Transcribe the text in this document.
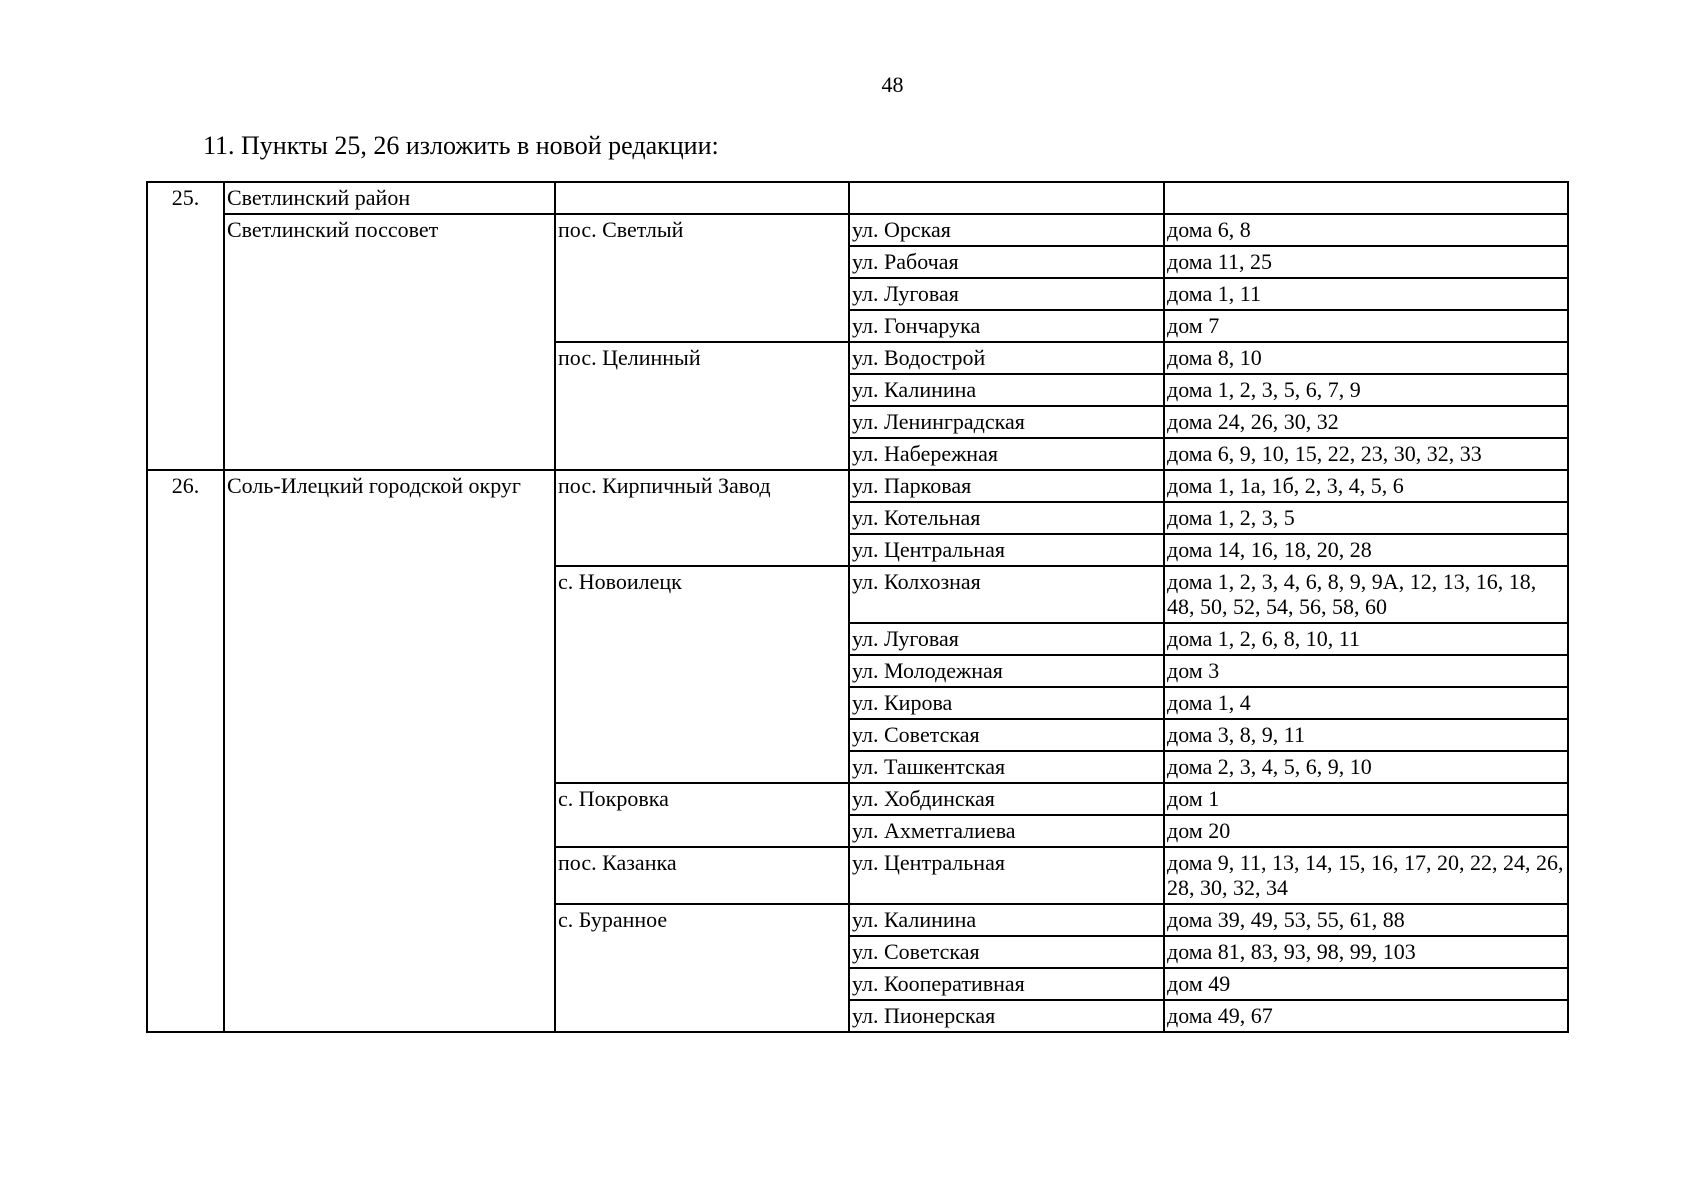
48
11. Пункты 25, 26 изложить в новой редакции:
25.	Светлинский район			
	Светлинский поссовет	пос. Светлый	ул. Орская	дома 6, 8
			ул. Рабочая	дома 11, 25
			ул. Луговая	дома 1, 11
			ул. Гончарука	дом 7
		пос. Целинный	ул. Водострой	дома 8, 10
			ул. Калинина	дома 1, 2, 3, 5, 6, 7, 9
			ул. Ленинградская	дома 24, 26, 30, 32
			ул. Набережная	дома 6, 9, 10, 15, 22, 23, 30, 32, 33
26.	Соль-Илецкий городской округ	пос. Кирпичный Завод	ул. Парковая	дома 1, 1а, 1б, 2, 3, 4, 5, 6
			ул. Котельная	дома 1, 2, 3, 5
			ул. Центральная	дома 14, 16, 18, 20, 28
		с. Новоилецк	ул. Колхозная	дома 1, 2, 3, 4, 6, 8, 9, 9А, 12, 13, 16, 18, 48, 50, 52, 54, 56, 58, 60
			ул. Луговая	дома 1, 2, 6, 8, 10, 11
			ул. Молодежная	дом 3
			ул. Кирова	дома 1, 4
			ул. Советская	дома 3, 8, 9, 11
			ул. Ташкентская	дома 2, 3, 4, 5, 6, 9, 10
		с. Покровка	ул. Хобдинская	дом 1
			ул. Ахметгалиева	дом 20
		пос. Казанка	ул. Центральная	дома 9, 11, 13, 14, 15, 16, 17, 20, 22, 24, 26, 28, 30, 32, 34
		с. Буранное	ул. Калинина	дома 39, 49, 53, 55, 61, 88
			ул. Советская	дома 81, 83, 93, 98, 99, 103
			ул. Кооперативная	дом 49
			ул. Пионерская	дома 49, 67
